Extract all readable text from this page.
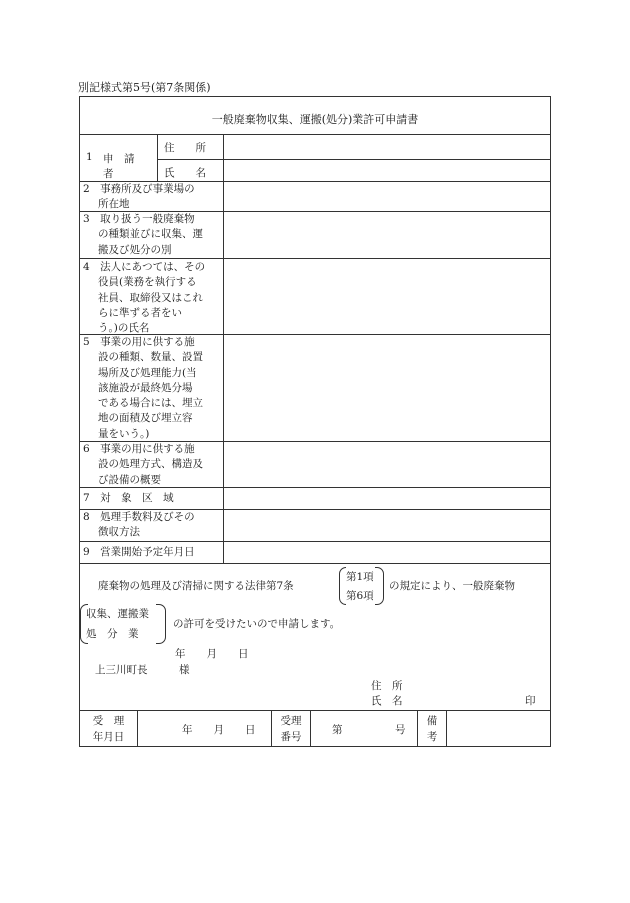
別記様式第5号(第7条関係)
一般廃棄物収集、運搬(処分)業許可申請書
1 申　請　者
住　　所
氏　　名
2　事務所及び事業場の
所在地
3　取り扱う一般廃棄物
の種類並びに収集、運
搬及び処分の別
4　法人にあつては、その
役員(業務を執行する
社員、取締役又はこれ
らに準ずる者をい
う。)の氏名
5　事業の用に供する施
設の種類、数量、設置
場所及び処理能力(当
該施設が最終処分場
である場合には、埋立
地の面積及び埋立容
量をいう。)
6　事業の用に供する施
設の処理方式、構造及
び設備の概要
7　対　象　区　域
8　処理手数料及びその
徴収方法
9　営業開始予定年月日
廃棄物の処理及び清掃に関する法律第7条
第1項
第6項
の規定により、一般廃棄物
収集、運搬業
処　分　業
の許可を受けたいので申請します。
年　　月　　日
上三川町長　　　様
住　所
氏　名	印
受　理
年月日
年　　月　　日
受理
番号
第	号
備
考
